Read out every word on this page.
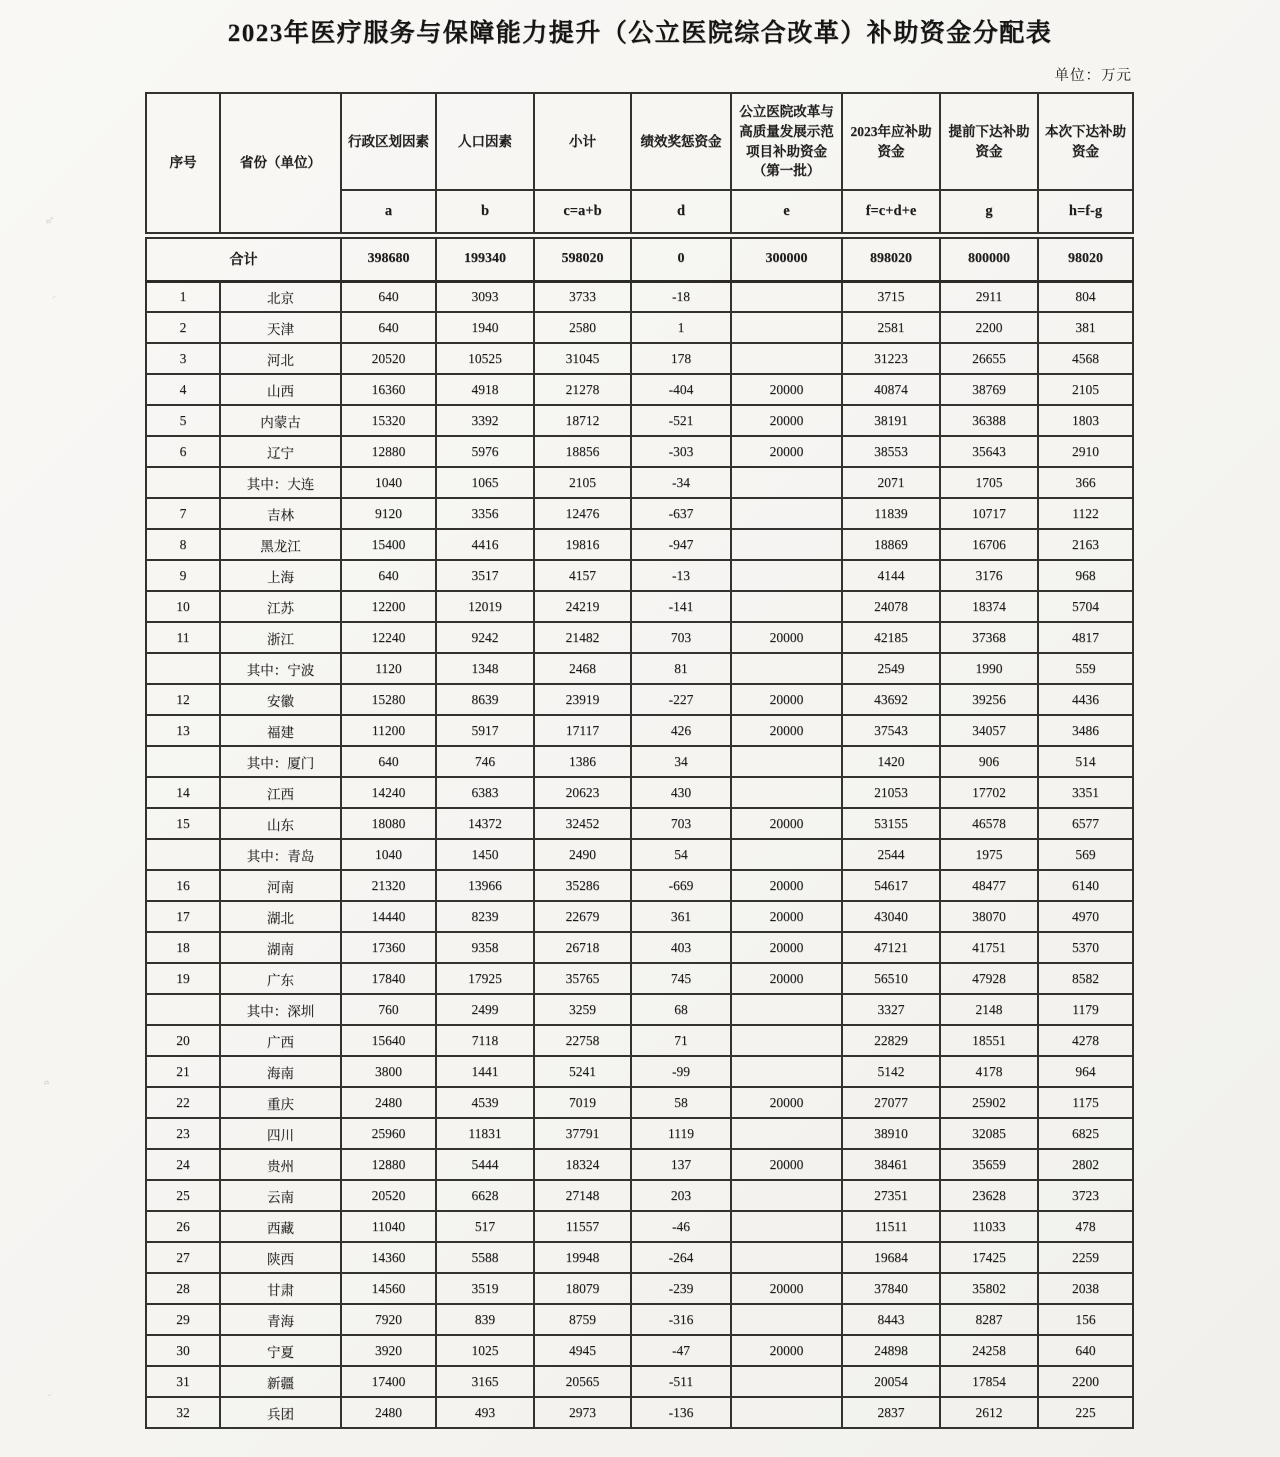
≈ʻ
⁻
≈
⁻
2023年医疗服务与保障能力提升（公立医院综合改革）补助资金分配表
单位：万元
序号	省份（单位）	行政区划因素	人口因素	小计	绩效奖惩资金	公立医院改革与高质量发展示范项目补助资金（第一批）	2023年应补助资金	提前下达补助资金	本次下达补助资金
		a	b	c=a+b	d	e	f=c+d+e	g	h=f-g
合计		398680	199340	598020	0	300000	898020	800000	98020
1	北京	640	3093	3733	-18		3715	2911	804
2	天津	640	1940	2580	1		2581	2200	381
3	河北	20520	10525	31045	178		31223	26655	4568
4	山西	16360	4918	21278	-404	20000	40874	38769	2105
5	内蒙古	15320	3392	18712	-521	20000	38191	36388	1803
6	辽宁	12880	5976	18856	-303	20000	38553	35643	2910
	其中：大连	1040	1065	2105	-34		2071	1705	366
7	吉林	9120	3356	12476	-637		11839	10717	1122
8	黑龙江	15400	4416	19816	-947		18869	16706	2163
9	上海	640	3517	4157	-13		4144	3176	968
10	江苏	12200	12019	24219	-141		24078	18374	5704
11	浙江	12240	9242	21482	703	20000	42185	37368	4817
	其中：宁波	1120	1348	2468	81		2549	1990	559
12	安徽	15280	8639	23919	-227	20000	43692	39256	4436
13	福建	11200	5917	17117	426	20000	37543	34057	3486
	其中：厦门	640	746	1386	34		1420	906	514
14	江西	14240	6383	20623	430		21053	17702	3351
15	山东	18080	14372	32452	703	20000	53155	46578	6577
	其中：青岛	1040	1450	2490	54		2544	1975	569
16	河南	21320	13966	35286	-669	20000	54617	48477	6140
17	湖北	14440	8239	22679	361	20000	43040	38070	4970
18	湖南	17360	9358	26718	403	20000	47121	41751	5370
19	广东	17840	17925	35765	745	20000	56510	47928	8582
	其中：深圳	760	2499	3259	68		3327	2148	1179
20	广西	15640	7118	22758	71		22829	18551	4278
21	海南	3800	1441	5241	-99		5142	4178	964
22	重庆	2480	4539	7019	58	20000	27077	25902	1175
23	四川	25960	11831	37791	1119		38910	32085	6825
24	贵州	12880	5444	18324	137	20000	38461	35659	2802
25	云南	20520	6628	27148	203		27351	23628	3723
26	西藏	11040	517	11557	-46		11511	11033	478
27	陕西	14360	5588	19948	-264		19684	17425	2259
28	甘肃	14560	3519	18079	-239	20000	37840	35802	2038
29	青海	7920	839	8759	-316		8443	8287	156
30	宁夏	3920	1025	4945	-47	20000	24898	24258	640
31	新疆	17400	3165	20565	-511		20054	17854	2200
32	兵团	2480	493	2973	-136		2837	2612	225
